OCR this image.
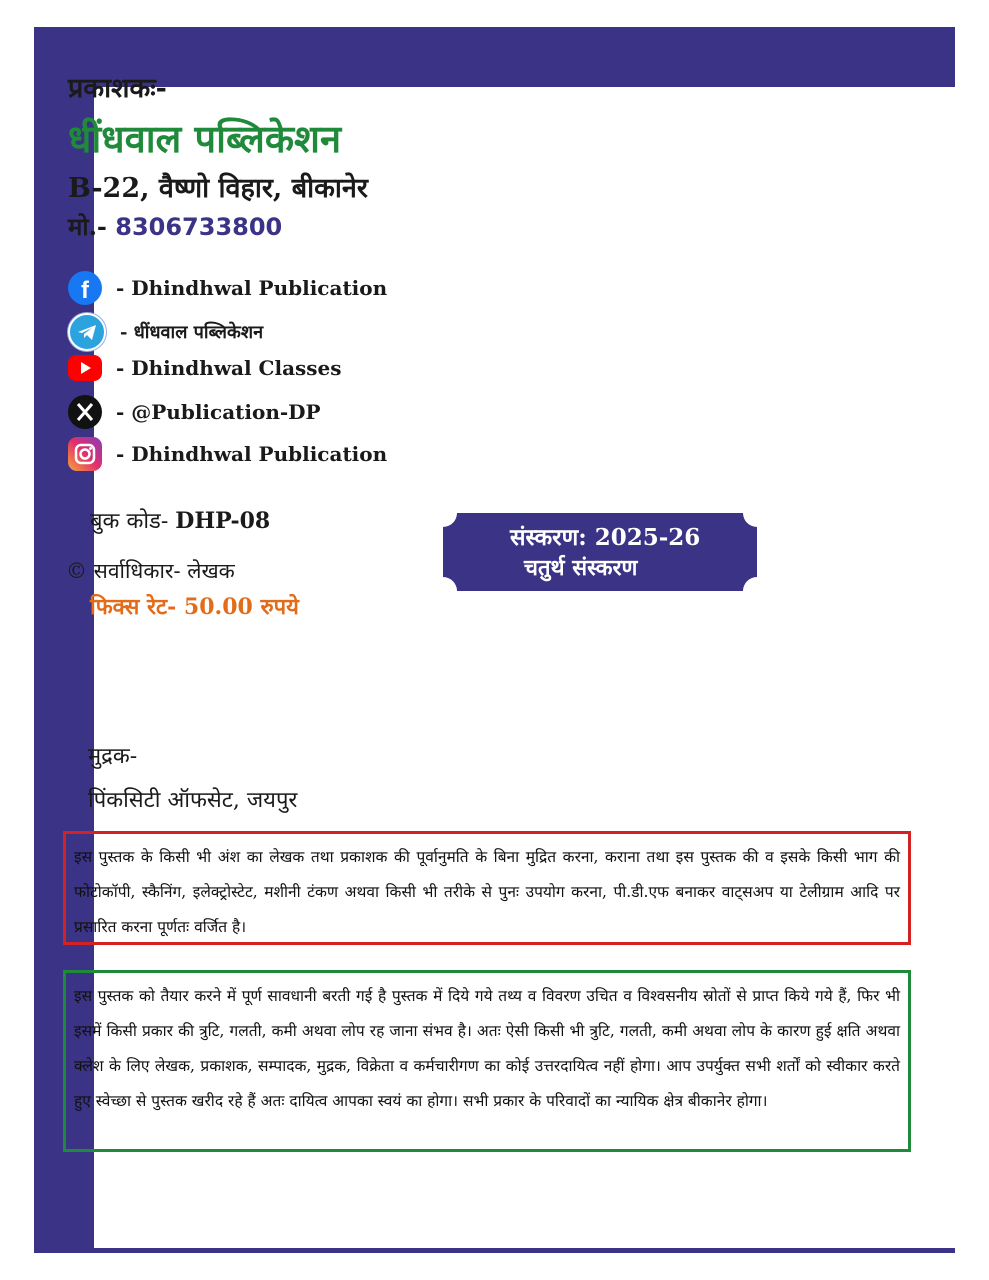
प्रकाशकः-
धींधवाल पब्लिकेशन
B-22, वैष्णो विहार, बीकानेर
मो.- 8306733800
f - Dhindhwal Publication
- धींधवाल पब्लिकेशन
- Dhindhwal Classes
- @Publication-DP
- Dhindhwal Publication
बुक कोड- DHP-08
© सर्वाधिकार- लेखक
फिक्स रेट- 50.00 रुपये
संस्करण: 2025-26
चतुर्थ संस्करण
मुद्रक-
पिंकसिटी ऑफसेट, जयपुर
इस पुस्तक के किसी भी अंश का लेखक तथा प्रकाशक की पूर्वानुमति के बिना मुद्रित करना, कराना तथा इस पुस्तक की व इसके किसी भाग की फोटोकॉपी, स्कैनिंग, इलेक्ट्रोस्टेट, मशीनी टंकण अथवा किसी भी तरीके से पुनः उपयोग करना, पी.डी.एफ बनाकर वाट्सअप या टेलीग्राम आदि पर प्रसारित करना पूर्णतः वर्जित है।
इस पुस्तक को तैयार करने में पूर्ण सावधानी बरती गई है पुस्तक में दिये गये तथ्य व विवरण उचित व विश्वसनीय स्रोतों से प्राप्त किये गये हैं, फिर भी इसमें किसी प्रकार की त्रुटि, गलती, कमी अथवा लोप रह जाना संभव है। अतः ऐसी किसी भी त्रुटि, गलती, कमी अथवा लोप के कारण हुई क्षति अथवा क्लेश के लिए लेखक, प्रकाशक, सम्पादक, मुद्रक, विक्रेता व कर्मचारीगण का कोई उत्तरदायित्व नहीं होगा। आप उपर्युक्त सभी शर्तों को स्वीकार करते हुए स्वेच्छा से पुस्तक खरीद रहे हैं अतः दायित्व आपका स्वयं का होगा। सभी प्रकार के परिवादों का न्यायिक क्षेत्र बीकानेर होगा।
